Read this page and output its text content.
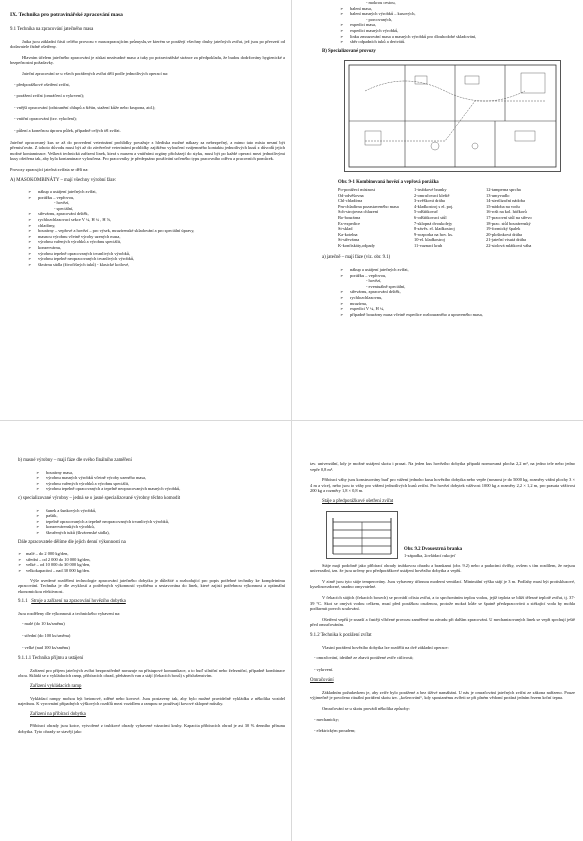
IX. Technika pro potravinářské zpracování masa
9.1 Technika na zpracování jatečného masa

Jatka jsou základní částí celého provozu v masozpracujícím průmyslu,ve kterém se porážejí všechny druhy jatečných zvířat, jež jsou po převzetí od dodavatele řádně ošetřeny.

Hlavním účelem jatečného zpracování je získat nezávadné maso a tuky po potravinářské stránce za předpokladu, že budou dodržovány hygienické a bezpečnostní požadavky.

Jateční zpracování se u všech porážených zvířat dělí podle jednotlivých operací na:

- předporážkové ošetření zvířat,
- porážení zvířat (omráčení a vykrvení);
- vnější opracování (odstranění chlupů a štětin, stažení kůže nebo krupona, atd.);
- vnitřní opracování (tzv. vykolení);
- půlení a konečnou úpravu půlek, případně celých těl zvířat.

Jatečné opracovaný kus se až do provedení veterinární prohlídky považuje z hlediska možné nákazy za nebezpečný, a mimo tato místa nesmí být přemisťován. Z tohoto důvodu musí být až do závěrečné veterinární prohlídky zajištěno vyloučení vzájemného kontaktu jednotlivých kusů z důvodů jejich možné kontaminace. Veškerá technická zařízení linek, která s masem a vnitřními orgány přicházejí do styku, musí být po každé operaci mezi jednotlivými kusy ošetřena tak, aby byla kontaminace vyloučena. Pro pracovníky je předepsáno používání určeného typu pracovního oděvu a pracovních pomůcek.

Provozy zpracující jatečná zvířata se dělí na:

A) MASOKOMBINÁTY – mají všechny výrobní fáze:
➢ nákup a ustájení jatečných zvířat,
➢ porážku – vepřovou,
- hovězí,
- speciální,
➢ střevárnu, zpracování drštěk,
➢ rychlozchlazovací sekce V ¼, H ¼ , H ⅛,
➢ chladírny,
➢ bourárny – vepřové a hovězí – pro výsek, mrazírenské skladování a pro speciální úpravy,
➢ masnou výrobnu včetně výroby uzených masa,
➢ výrobnu vařených výrobků a výrobnu speciálit,
➢ konzervárnu,
➢ výrobnu tepelně opracovaných trvanlivých výrobků,
➢ výrobnu tepelně neopracovaných trvanlivých výrobků,
➢ škvárnu sádla (živočišných tuků) - klasické kotlové,
- mokrou cestou,
➢ balení masa,
➢ balení masných výrobků – kusových,
- porcovaných,
➢ expedici masa,
➢ expedici masných výrobků,
➢ linku zmrazování masa a masných výrobků pro dlouhodobé skladování,
➢ sběr odpadních tuků a derivátů.
B) Specializované provozy
Obr. 9-1 Kombinovaná hovězí a vepřová porážka
Po-porážecí místnost	1-trubkové branky	12-tamperna sprcha
Od-odvěšovna	2-omračovací kleště	13-umyvadlo
Chl-chladírna	3-zvěšková dráha	14-sterilizační nádoba
Pm-chladírna pozastaveného masa	4-kladkostroj s el. poj.	15-nádoba na vodu
Sch-strojovna chlazení	5-odštítkovač	16-rošt na kol. háčkorů
Bo-bourárna	6-odštítkovací stůl	17-pracovní stůl na střevo
Ex-expedice	7-sklopná dvoukolejy	18-prac. stůl bourárenský
St-sklad	8-závěs. el. kladkostroj	19-formický špalek
Ka-kotelna	9-rozporka na hov. ks.	20-plošinková dráha
St-střevárna	10-el. kladkostroj	21-jateční visutá dráha
K-konfiskáty,odpady	11-vaznací kruh	22-stolová mlátková váha
a) jatečně – mají fáze (viz. obr. 9.1)
➢ nákup a ustájení jatečných zvířat,
➢ porážku – vepřovou,
- hovězí,
- eventuálně speciální,
➢ střevárnu, zpracování drštěk,
➢ rychlozchlazovnu,
➢ mrazírnu,
➢ expedici V ¼, H ¼,
➢ případně bourárny masa včetně expedice rozbouraného a upraveného masa,
b) masné výrobny – mají fáze dle svého finálního zaměření
➢ bourárny masa,
➢ výrobnu masných výrobků včetně výroby uzeného masa,
➢ výrobnu vařených výrobků a výrobnu speciálit,
➢ výrobnu tepelně opracovaných a tepelně neopracovaných masných výrobků,
c) specializované výrobny – jedná se o jasné specializované výrobny těchto komodit
➢ šunek a šunkových výrobků,
➢ paštik,
➢ tepelně opracovaných a tepelně neopracovaných trvanlivých výrobků,
➢ konzervárenských výrobků,
➢ škvařených tuků (škvárenské sádla),
Dále zpracovatele dělíme dle jejich denní výkonnosti na
➢ malé – do 2 000 kg/den,
➢ střední – od 2 000 do 10 000 kg/den,
➢ velké – od 10 000 do 30 000 kg/den,
➢ velkokapacitní – nad 30 000 kg/den.

Výše uvedené rozdělení technologie zpracování jatečného dobytka je důležité a rozhodující pro popis potřebné techniky ke kompletnímu zpracování. Technika je dle zvyklostí a potřebných výkonností vyráběna a sestavována do linek, které zajistí potřebnou výkonnost a optimální ekonomickou efektivnost.

9.1.1 Stroje a zařízení na zpracování hovězího dobytka

Jsou rozděleny dle výkonnosti a technického vybavení na:

- malé (do 10 ks/směnu)
- střední (do 100 ks/směnu)
- velké (nad 100 ks/směnu)
9.1.1.1 Technika příjmu a ustájení

Zařízení pro příjem jatečných zvířat bezprostředně navazuje na přístupové komunikace, a to buď silniční nebo železniční, případně kombinace obou. Skládá se z vykládacích ramp, příbíracích ohrad, přehánech van a stájí (čekacích boxů) s příslušenstvím.

Zařízení vykládacích ramp

Vykládací rampy mohou být betonové, zděné nebo kovové. Jsou postaveny tak, aby bylo možné pravidelně vykládku z několika vozidel najednou. K vyrovnání případných výškových rozdílů mezi vozidlem a rampou se používají kovové sklopné můstky.

Zařízení na příbírací dobytka

Příbírací ohrady jsou kotce, vytvořené z trubkové ohrady vybavené vázacími kruhy. Kapacita příbíracích ohrad je asi 30 % denního přísunu dobytka. Tyto ohrady se stavějí jako

tzv. univerzální, kdy je možné ustájení skotu i prasat. Na jeden kus hovězího dobytka připadá normovaná plocha 2,2 m², na jedno tele nebo jedno vepře 0,8 m².

Příbírací váhy jsou konstruovány buď pro vážení jednoho kusu hovězího dobytka nebo vepře (nosnost je do 5000 kg, rozměry vážní plochy 3 × 4 m a více), nebo jsou to váhy pro vážení jednotlivých kusů zvířat. Pro hovězí dobytek váživost 1000 kg a rozměry 2,2 × 1,2 m, pro prasata váživost 200 kg a rozměry 1,8 × 0,8 m.

Stáje a předporážkové ošetření zvířat
Obr. 9.2 Dvouextrná branka
1-západka, 2ovládací rukojeť

Stáje mají podobně jako příbírací ohrady trubkovou ohradu a brankami (obr. 9.2) nebo a padacími dvířky, ovšem s tím rozdílem, že nejsou univerzální, tzn. že jsou určeny pro předporážkové ustájení hovězího dobytka a vepřů.

V zimě jsou tyto stáje temperovány. Jsou vybaveny účinnou moderní ventilací. Minimální výška stájí je 3 m. Podlahy musí být protiskluzové, kyselinovzdorné, snadno omyvatelné.

V čekacích stájích (čekacích boxech) se provádí očista zvířat, a to sprchováním teplou vodou, jejíž teplota se blíží tělesné teplotě zvířat, tj. 37-39 °C. Skot se omývá vodou celkem, musí před porážkou osušenou, protože mokrá kůže se špatně předzpracovává a stékající voda by mohla podfarmit povrch soulování.

Ošetření vepřů je snazší a častěji vlhčené provozu zaměřené na závadu při dalším zpracování. U mechanizovaných linek se vepři sprchují ještě před omračováním.

9.1.2 Technika k porážení zvířat

Vlastní porážení hovězího dobytka lze rozdělit na dvě základní operace:

- omračování, ideálně ze zbavit porážené zvíře citlivosti;
- vykrvení.
Omračování

Základním požadavkem je, aby zvíře bylo porážené a bez tíživé namáhání. U nás je omračování jatečných zvířat ze zákona nařízeno. Pouze výjimečně je povoleno rituální porážení skotu tzv. „košerování“, kdy spoutanému zvířeti se při plném vědomí protíná jedním řezem krční tepna.

Omračování se u skotu provádí několika způsoby:

- mechanicky;
- elektrickým proudem;
